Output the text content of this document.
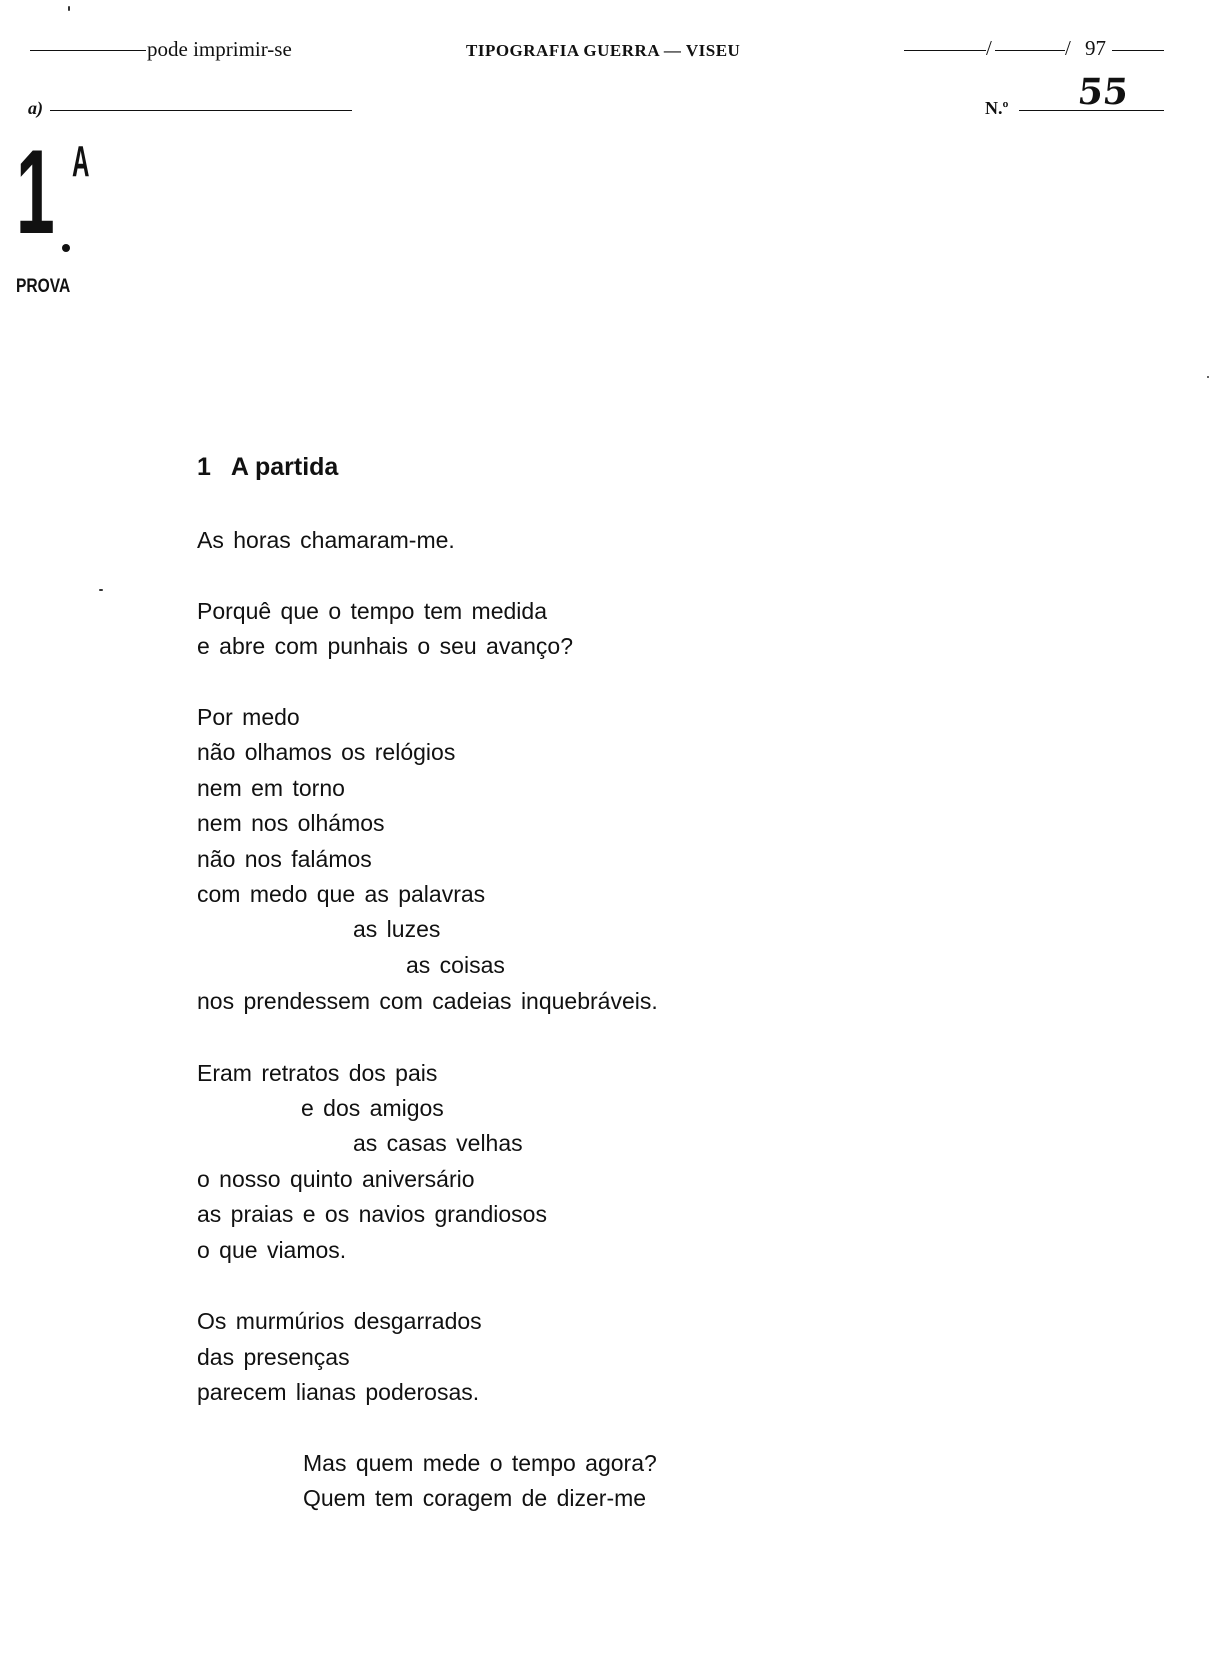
pode imprimir-se	TIPOGRAFIA GUERRA — VISEU	/	/ 97
a)	N.º 55
1 A
PROVA
1 A partida
As horas chamaram-me.
Porquê que o tempo tem medida
e abre com punhais o seu avanço?
Por medo
não olhamos os relógios
nem em torno
nem nos olhámos
não nos falámos
com medo que as palavras
as luzes
as coisas
nos prendessem com cadeias inquebráveis.
Eram retratos dos pais
e dos amigos
as casas velhas
o nosso quinto aniversário
as praias e os navios grandiosos
o que viamos.
Os murmúrios desgarrados
das presenças
parecem lianas poderosas.
Mas quem mede o tempo agora?
Quem tem coragem de dizer-me
